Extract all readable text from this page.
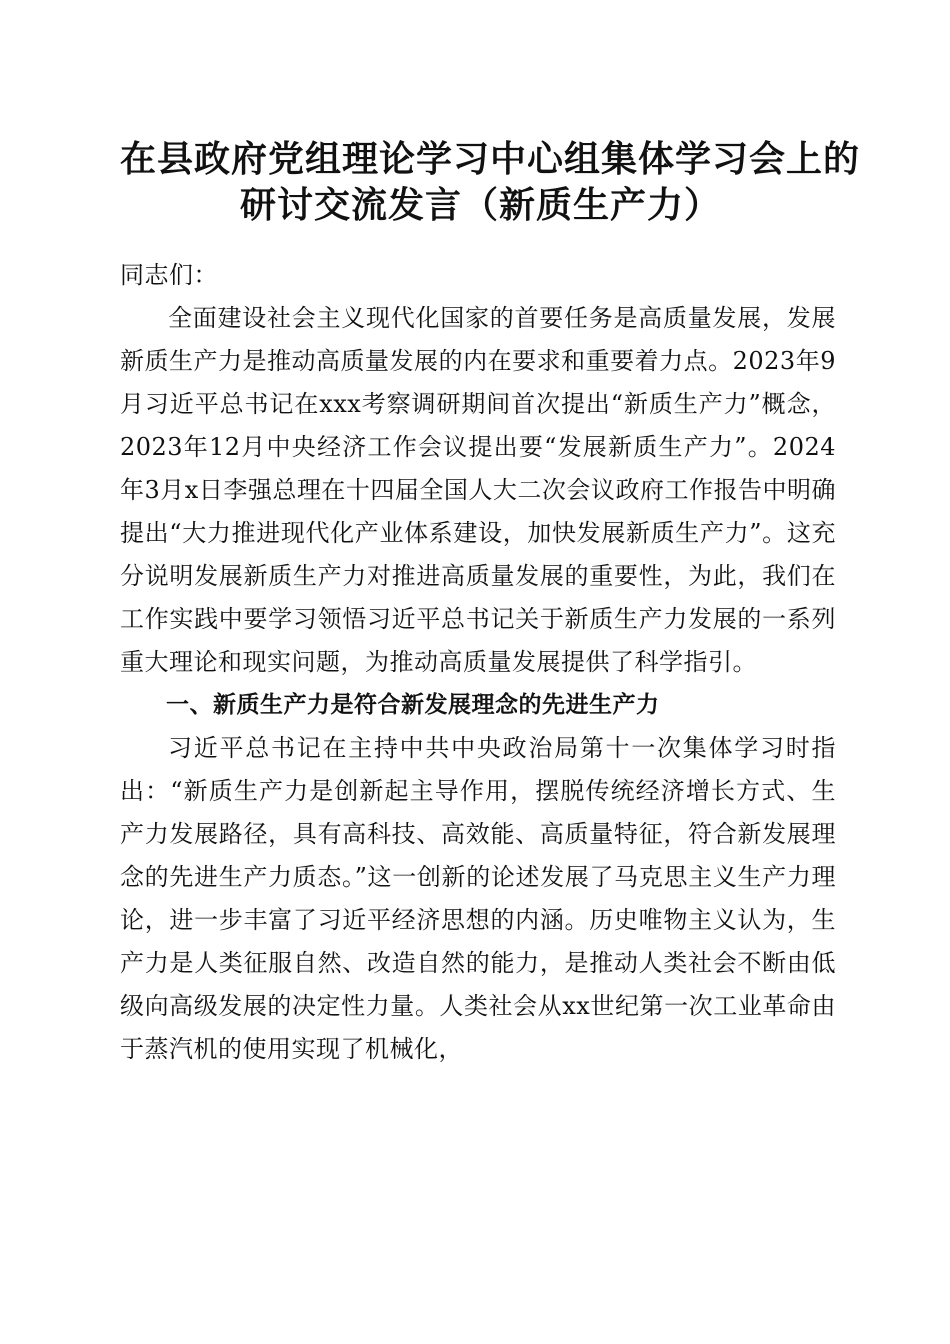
在县政府党组理论学习中心组集体学习会上的
研讨交流发言（新质生产力）

同志们：

全面建设社会主义现代化国家的首要任务是高质量发展，发展新质生产力是推动高质量发展的内在要求和重要着力点。2023年9月习近平总书记在xxx考察调研期间首次提出“新质生产力”概念，2023年12月中央经济工作会议提出要“发展新质生产力”。2024年3月x日李强总理在十四届全国人大二次会议政府工作报告中明确提出“大力推进现代化产业体系建设，加快发展新质生产力”。这充分说明发展新质生产力对推进高质量发展的重要性，为此，我们在工作实践中要学习领悟习近平总书记关于新质生产力发展的一系列重大理论和现实问题，为推动高质量发展提供了科学指引。

一、新质生产力是符合新发展理念的先进生产力

习近平总书记在主持中共中央政治局第十一次集体学习时指出：“新质生产力是创新起主导作用，摆脱传统经济增长方式、生产力发展路径，具有高科技、高效能、高质量特征，符合新发展理念的先进生产力质态。”这一创新的论述发展了马克思主义生产力理论，进一步丰富了习近平经济思想的内涵。历史唯物主义认为，生产力是人类征服自然、改造自然的能力，是推动人类社会不断由低级向高级发展的决定性力量。人类社会从xx世纪第一次工业革命由于蒸汽机的使用实现了机械化，
